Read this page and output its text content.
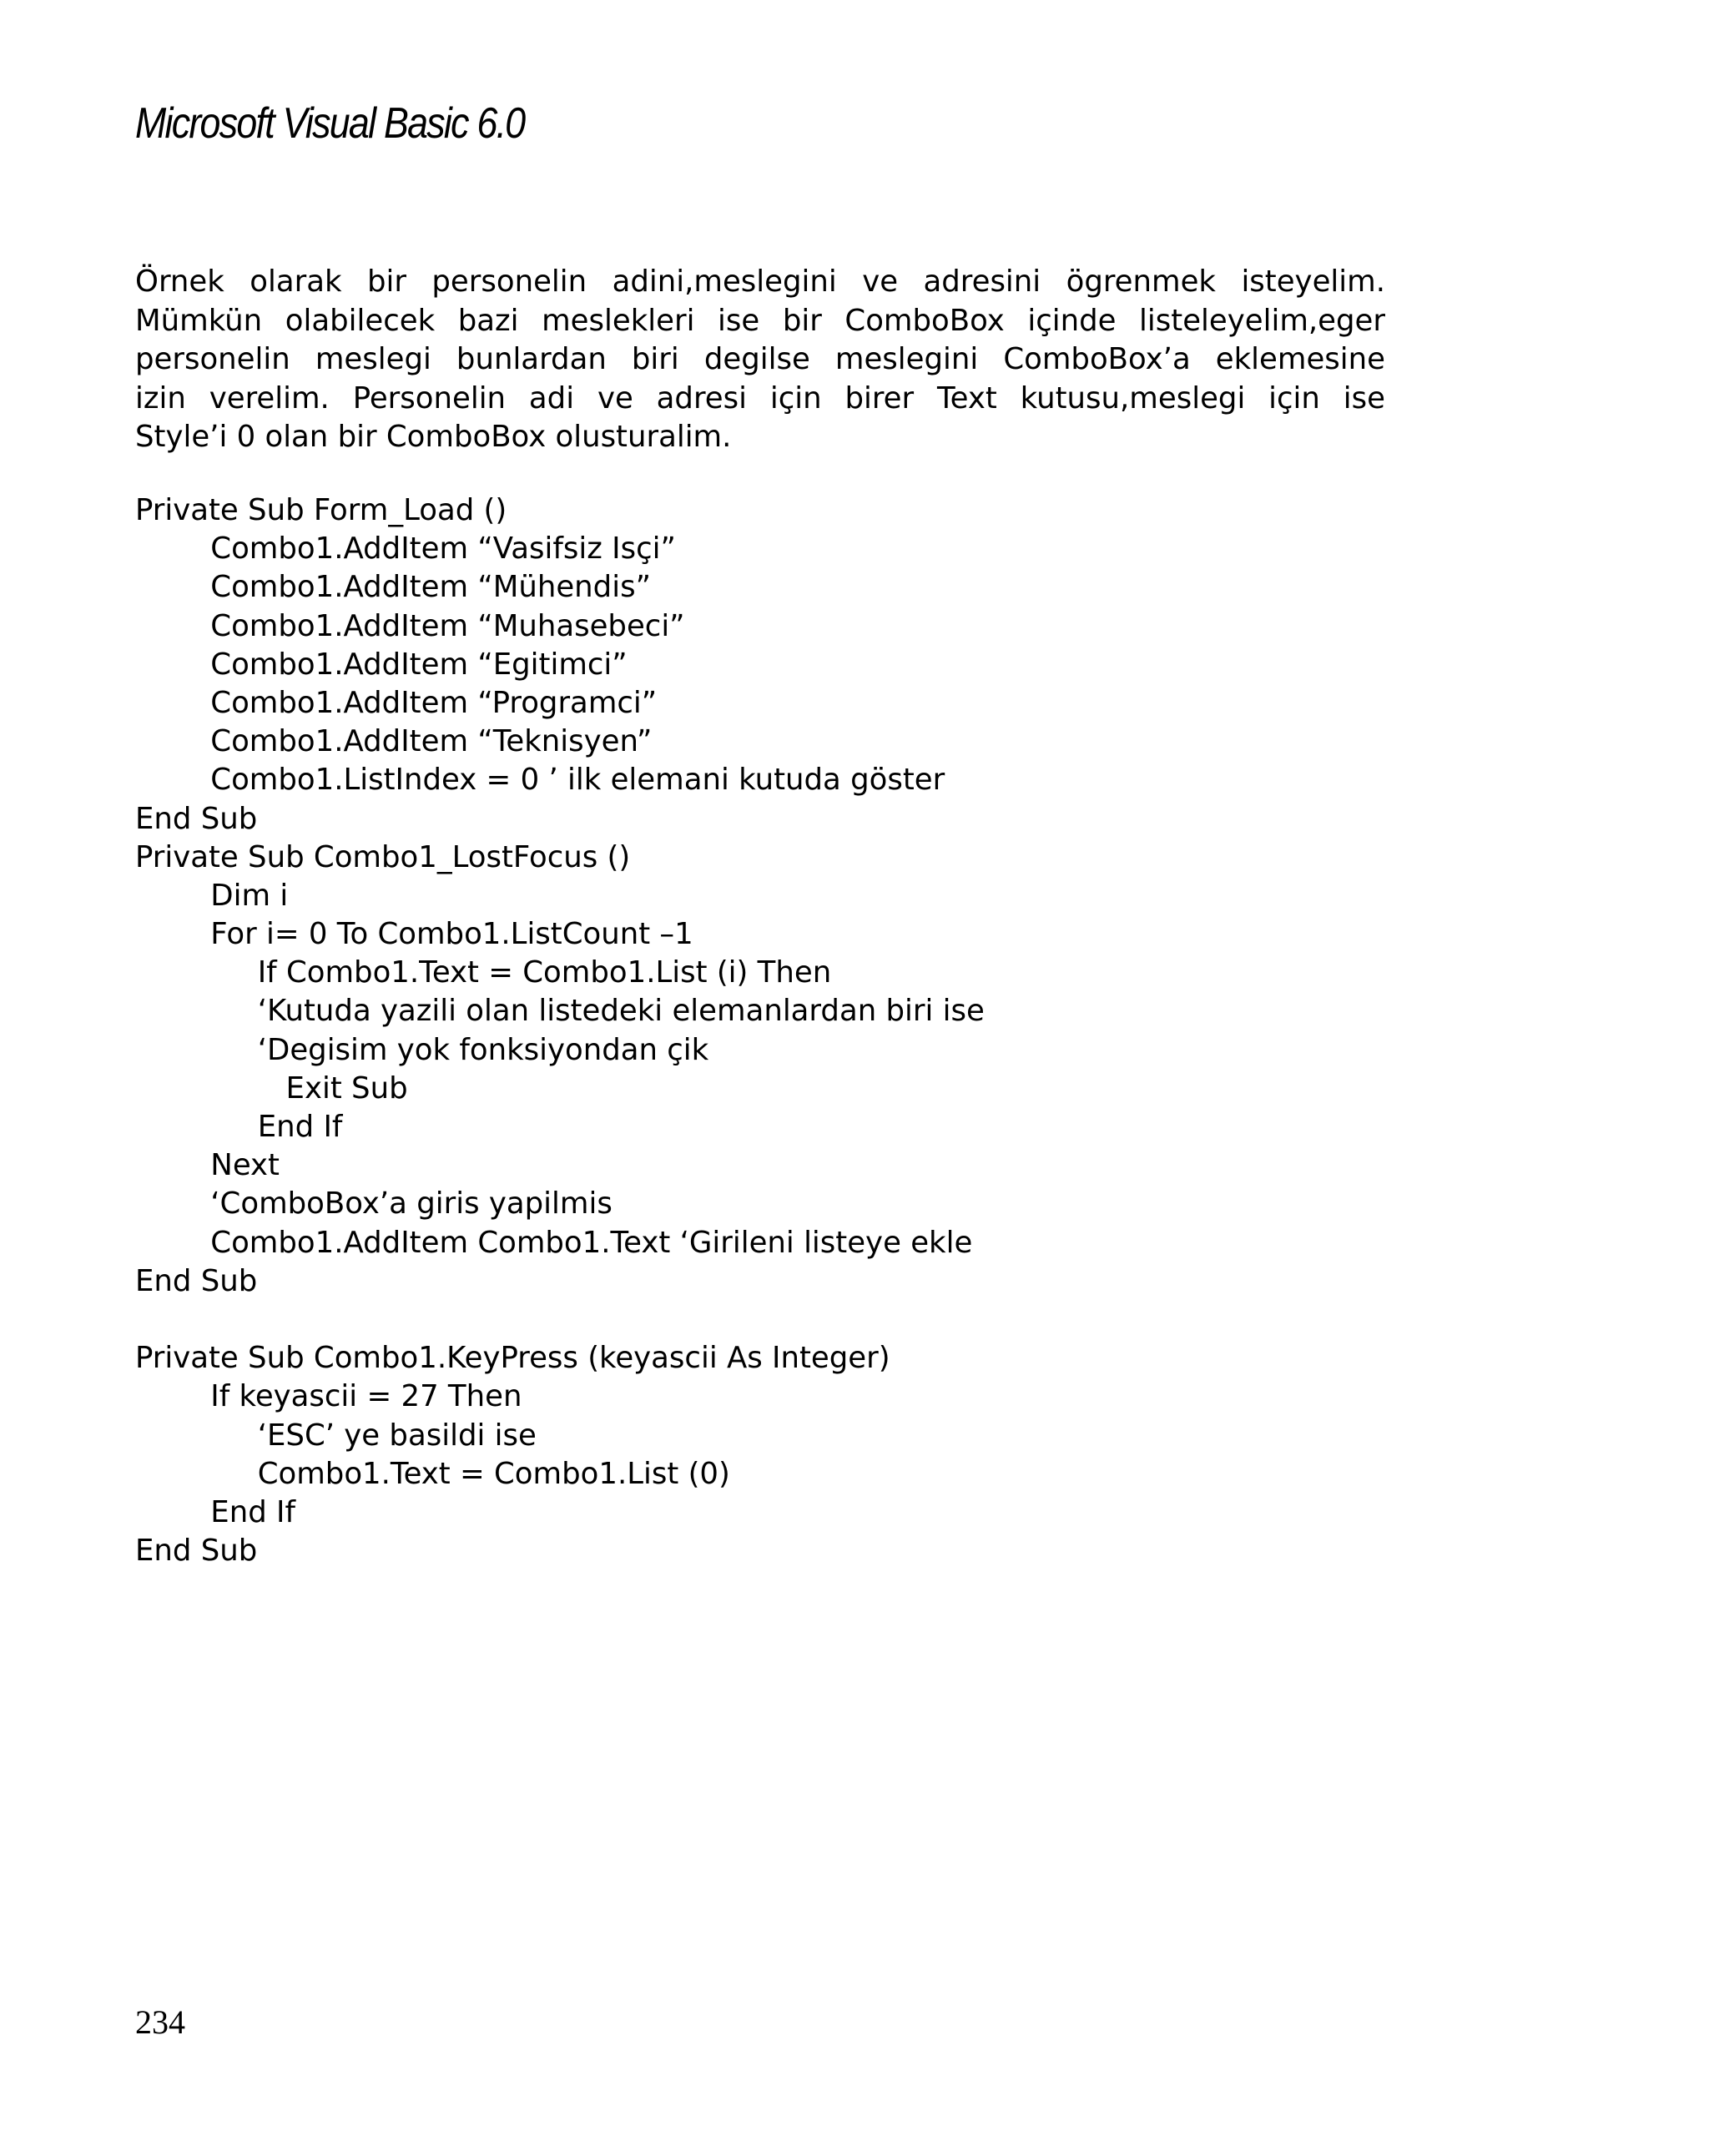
Microsoft Visual Basic 6.0
Örnek olarak bir personelin adini,meslegini ve adresini ögrenmek isteyelim.
Mümkün olabilecek bazi meslekleri ise bir ComboBox içinde listeleyelim,eger
personelin meslegi bunlardan biri degilse meslegini ComboBox’a eklemesine
izin verelim. Personelin adi ve adresi için birer Text kutusu,meslegi için ise
Style’i 0 olan bir ComboBox olusturalim.
Private Sub Form_Load ()
Combo1.AddItem “Vasifsiz Isçi”
Combo1.AddItem “Mühendis”
Combo1.AddItem “Muhasebeci”
Combo1.AddItem “Egitimci”
Combo1.AddItem “Programci”
Combo1.AddItem “Teknisyen”
Combo1.ListIndex = 0 ’ ilk elemani kutuda göster
End Sub
Private Sub Combo1_LostFocus ()
Dim i
For i= 0 To Combo1.ListCount –1
If Combo1.Text = Combo1.List (i) Then
‘Kutuda yazili olan listedeki elemanlardan biri ise
‘Degisim yok fonksiyondan çik
Exit Sub
End If
Next
‘ComboBox’a giris yapilmis
Combo1.AddItem Combo1.Text ‘Girileni listeye ekle
End Sub
Private Sub Combo1.KeyPress (keyascii As Integer)
If keyascii = 27 Then
‘ESC’ ye basildi ise
Combo1.Text = Combo1.List (0)
End If
End Sub
234
